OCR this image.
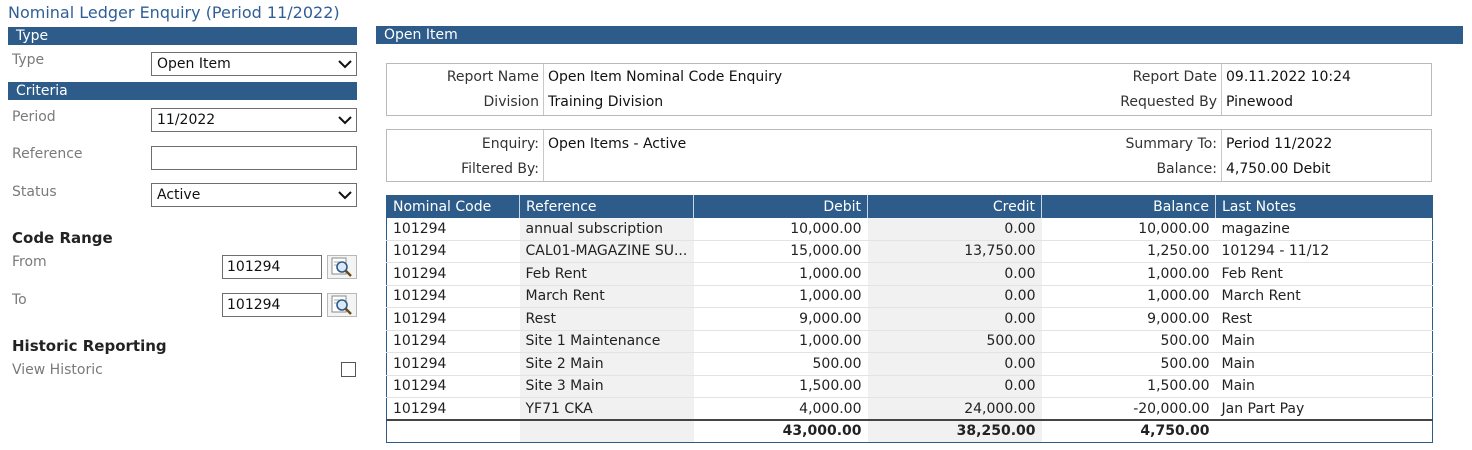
Nominal Ledger Enquiry (Period 11/2022)
Type
Type	Open Item
Criteria
Period	11/2022
Reference
Status	Active
Code Range
From	101294
To	101294
Historic Reporting
View Historic
Open Item
Report Name Open Item Nominal Code Enquiry
Division Training Division
Report Date 09.11.2022 10:24
Requested By Pinewood
Enquiry: Open Items - Active
Filtered By:
Summary To: Period 11/2022
Balance: 4,750.00 Debit
Nominal Code	Reference	Debit	Credit	Balance	Last Notes
101294	annual subscription	10,000.00	0.00	10,000.00	magazine
101294	CAL01-MAGAZINE SU...	15,000.00	13,750.00	1,250.00	101294 - 11/12
101294	Feb Rent	1,000.00	0.00	1,000.00	Feb Rent
101294	March Rent	1,000.00	0.00	1,000.00	March Rent
101294	Rest	9,000.00	0.00	9,000.00	Rest
101294	Site 1 Maintenance	1,000.00	500.00	500.00	Main
101294	Site 2 Main	500.00	0.00	500.00	Main
101294	Site 3 Main	1,500.00	0.00	1,500.00	Main
101294	YF71 CKA	4,000.00	24,000.00	-20,000.00	Jan Part Pay
		43,000.00	38,250.00	4,750.00	
